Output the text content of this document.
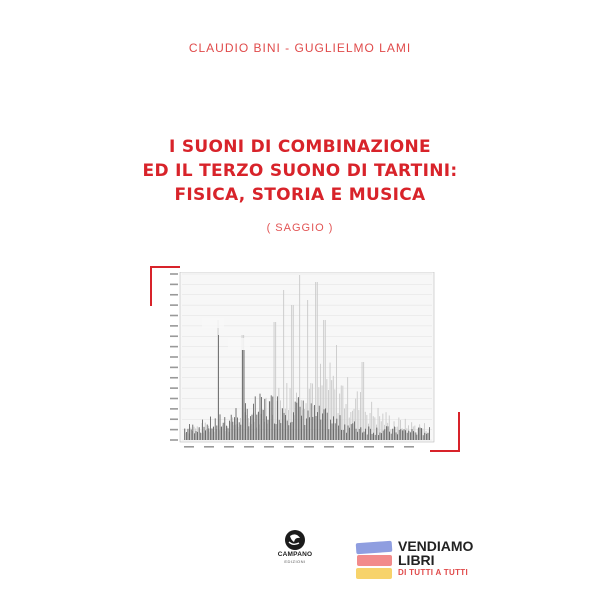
CLAUDIO BINI - GUGLIELMO LAMI
I SUONI DI COMBINAZIONE
ED IL TERZO SUONO DI TARTINI:
FISICA, STORIA E MUSICA
( SAGGIO )
CAMPANO
EDIZIONI
VENDIAMO
LIBRI
DI TUTTI A TUTTI
